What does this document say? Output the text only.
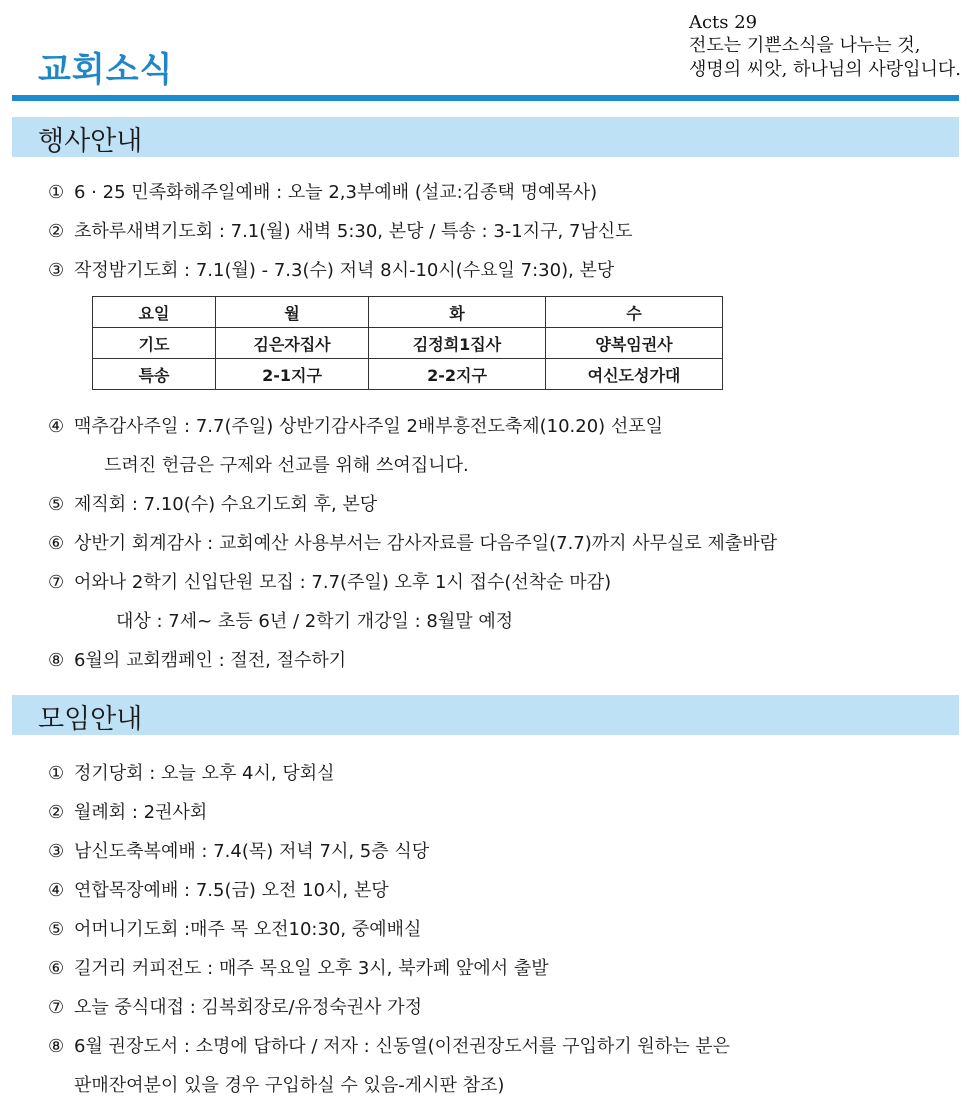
교회소식
Acts 29
전도는 기쁜소식을 나누는 것,
생명의 씨앗, 하나님의 사랑입니다.
행사안내
① 6 · 25 민족화해주일예배 : 오늘 2,3부예배 (설교:김종택 명예목사)
② 초하루새벽기도회 : 7.1(월) 새벽 5:30, 본당 / 특송 : 3-1지구, 7남신도
③ 작정밤기도회 : 7.1(월) - 7.3(수) 저녁 8시-10시(수요일 7:30), 본당
요일	월	화	수
기도	김은자집사	김정희1집사	양복임권사
특송	2-1지구	2-2지구	여신도성가대
④ 맥추감사주일 : 7.7(주일) 상반기감사주일 2배부흥전도축제(10.20) 선포일
드려진 헌금은 구제와 선교를 위해 쓰여집니다.
⑤ 제직회 : 7.10(수) 수요기도회 후, 본당
⑥ 상반기 회계감사 : 교회예산 사용부서는 감사자료를 다음주일(7.7)까지 사무실로 제출바람
⑦ 어와나 2학기 신입단원 모집 : 7.7(주일) 오후 1시 접수(선착순 마감)
대상 : 7세~ 초등 6년 / 2학기 개강일 : 8월말 예정
⑧ 6월의 교회캠페인 : 절전, 절수하기
모임안내
① 정기당회 : 오늘 오후 4시, 당회실
② 월례회 : 2권사회
③ 남신도축복예배 : 7.4(목) 저녁 7시, 5층 식당
④ 연합목장예배 : 7.5(금) 오전 10시, 본당
⑤ 어머니기도회 :매주 목 오전10:30, 중예배실
⑥ 길거리 커피전도 : 매주 목요일 오후 3시, 북카페 앞에서 출발
⑦ 오늘 중식대접 : 김복회장로/유정숙권사 가정
⑧ 6월 권장도서 : 소명에 답하다 / 저자 : 신동열(이전권장도서를 구입하기 원하는 분은
판매잔여분이 있을 경우 구입하실 수 있음-게시판 참조)
